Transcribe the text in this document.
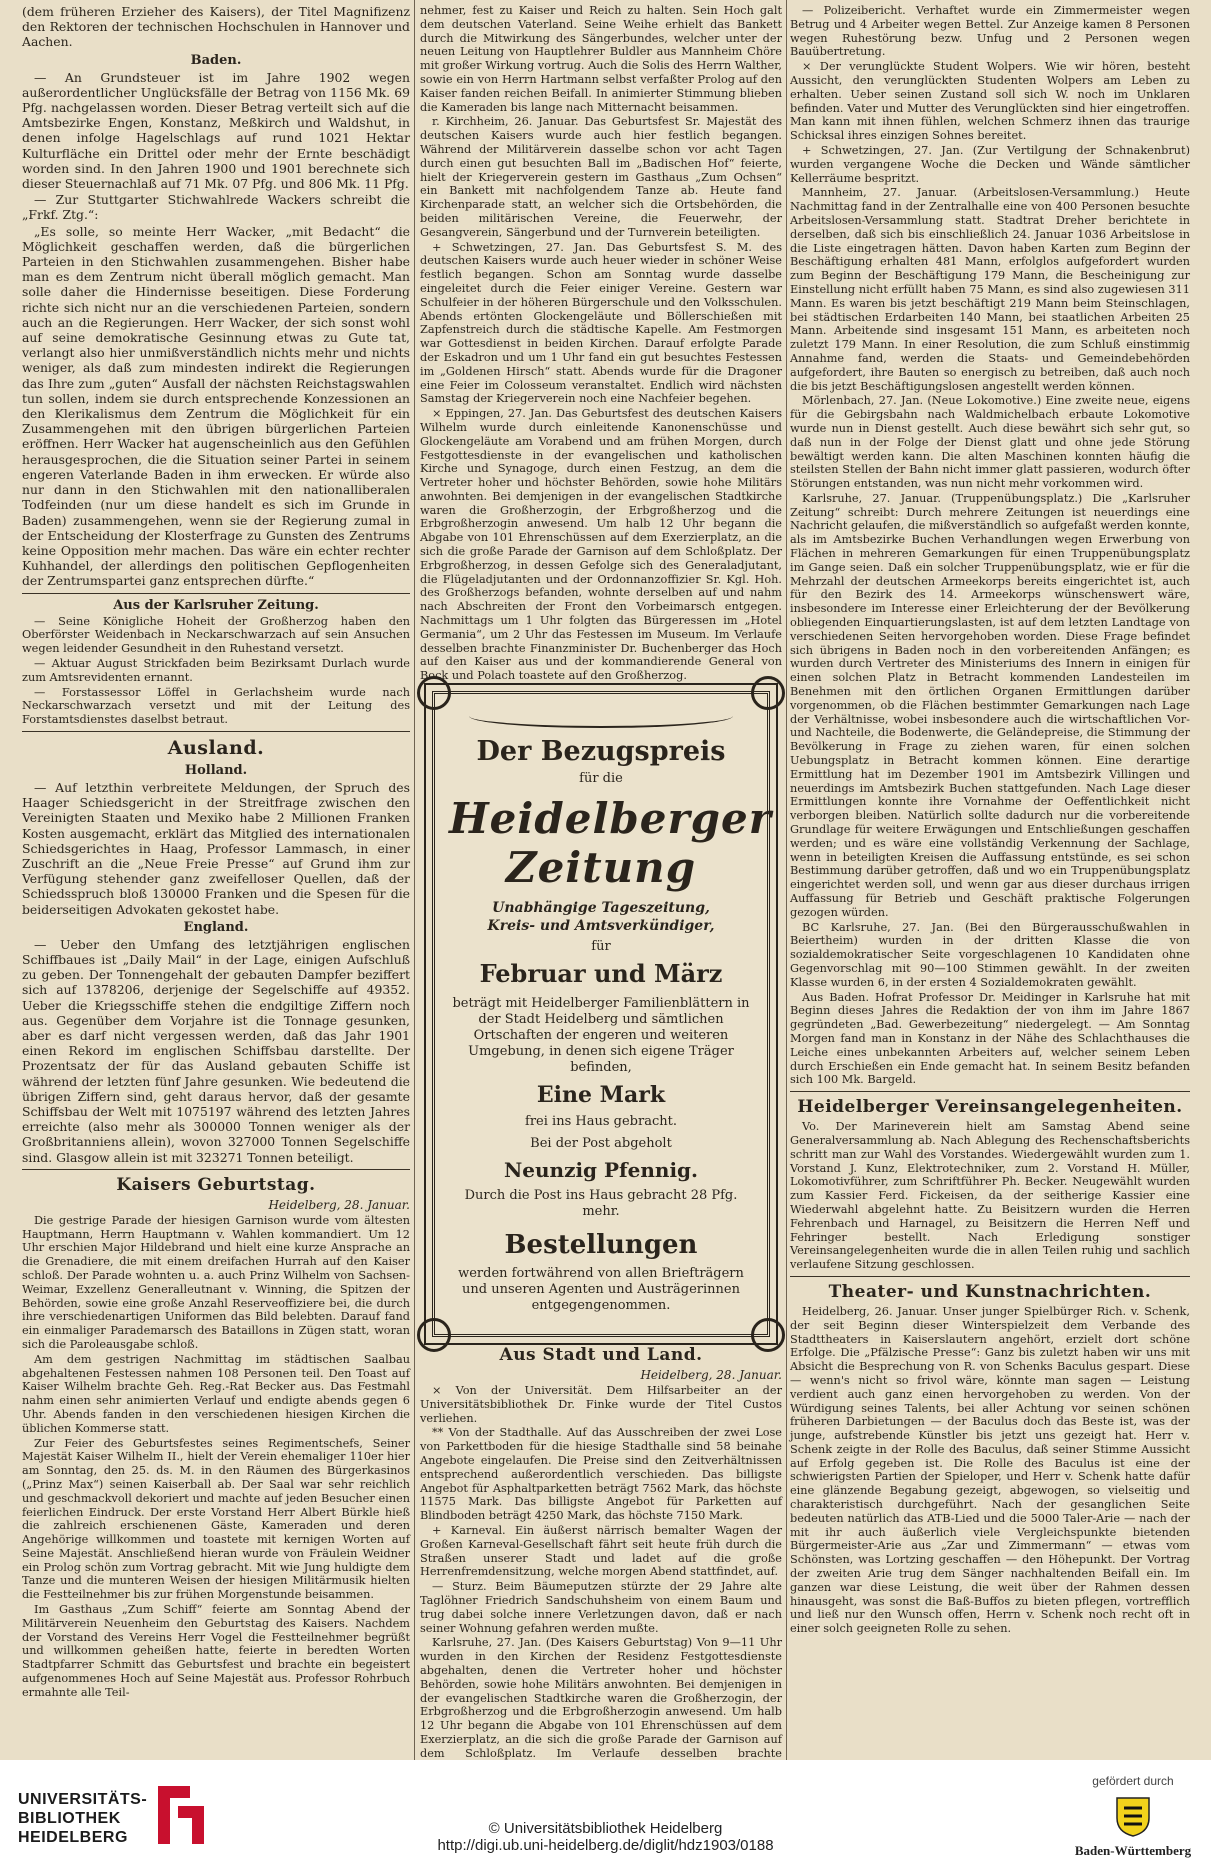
(dem früheren Erzieher des Kaisers), der Titel Magnifizenz den Rektoren der technischen Hochschulen in Hannover und Aachen.

Baden.

— An Grundsteuer ist im Jahre 1902 wegen außerordentlicher Unglücksfälle der Betrag von 1156 Mk. 69 Pfg. nachgelassen worden. Dieser Betrag verteilt sich auf die Amtsbezirke Engen, Konstanz, Meßkirch und Waldshut, in denen infolge Hagelschlags auf rund 1021 Hektar Kulturfläche ein Drittel oder mehr der Ernte beschädigt worden sind. In den Jahren 1900 und 1901 berechnete sich dieser Steuernachlaß auf 71 Mk. 07 Pfg. und 806 Mk. 11 Pfg.

— Zur Stuttgarter Stichwahlrede Wackers schreibt die „Frkf. Ztg.“:

„Es solle, so meinte Herr Wacker, „mit Bedacht“ die Möglichkeit geschaffen werden, daß die bürgerlichen Parteien in den Stichwahlen zusammengehen. Bisher habe man es dem Zentrum nicht überall möglich gemacht. Man solle daher die Hindernisse beseitigen. Diese Forderung richte sich nicht nur an die verschiedenen Parteien, sondern auch an die Regierungen. Herr Wacker, der sich sonst wohl auf seine demokratische Gesinnung etwas zu Gute tat, verlangt also hier unmißverständlich nichts mehr und nichts weniger, als daß zum mindesten indirekt die Regierungen das Ihre zum „guten“ Ausfall der nächsten Reichstagswahlen tun sollen, indem sie durch entsprechende Konzessionen an den Klerikalismus dem Zentrum die Möglichkeit für ein Zusammengehen mit den übrigen bürgerlichen Parteien eröffnen. Herr Wacker hat augenscheinlich aus den Gefühlen herausgesprochen, die die Situation seiner Partei in seinem engeren Vaterlande Baden in ihm erwecken. Er würde also nur dann in den Stichwahlen mit den nationalliberalen Todfeinden (nur um diese handelt es sich im Grunde in Baden) zusammengehen, wenn sie der Regierung zumal in der Entscheidung der Klosterfrage zu Gunsten des Zentrums keine Opposition mehr machen. Das wäre ein echter rechter Kuhhandel, der allerdings den politischen Gepflogenheiten der Zentrumspartei ganz entsprechen dürfte.“

Aus der Karlsruher Zeitung.

— Seine Königliche Hoheit der Großherzog haben den Oberförster Weidenbach in Neckarschwarzach auf sein Ansuchen wegen leidender Gesundheit in den Ruhestand versetzt.

— Aktuar August Strickfaden beim Bezirksamt Durlach wurde zum Amtsrevidenten ernannt.

— Forstassessor Löffel in Gerlachsheim wurde nach Neckarschwarzach versetzt und mit der Leitung des Forstamtsdienstes daselbst betraut.

Ausland.
Holland.

— Auf letzthin verbreitete Meldungen, der Spruch des Haager Schiedsgericht in der Streitfrage zwischen den Vereinigten Staaten und Mexiko habe 2 Millionen Franken Kosten ausgemacht, erklärt das Mitglied des internationalen Schiedsgerichtes in Haag, Professor Lammasch, in einer Zuschrift an die „Neue Freie Presse“ auf Grund ihm zur Verfügung stehender ganz zweifelloser Quellen, daß der Schiedsspruch bloß 130000 Franken und die Spesen für die beiderseitigen Advokaten gekostet habe.

England.

— Ueber den Umfang des letztjährigen englischen Schiffbaues ist „Daily Mail“ in der Lage, einigen Aufschluß zu geben. Der Tonnengehalt der gebauten Dampfer beziffert sich auf 1378206, derjenige der Segelschiffe auf 49352. Ueber die Kriegsschiffe stehen die endgiltige Ziffern noch aus. Gegenüber dem Vorjahre ist die Tonnage gesunken, aber es darf nicht vergessen werden, daß das Jahr 1901 einen Rekord im englischen Schiffsbau darstellte. Der Prozentsatz der für das Ausland gebauten Schiffe ist während der letzten fünf Jahre gesunken. Wie bedeutend die übrigen Ziffern sind, geht daraus hervor, daß der gesamte Schiffsbau der Welt mit 1075197 während des letzten Jahres erreichte (also mehr als 300000 Tonnen weniger als der Großbritanniens allein), wovon 327000 Tonnen Segelschiffe sind. Glasgow allein ist mit 323271 Tonnen beteiligt.

Kaisers Geburtstag.
Heidelberg, 28. Januar.

Die gestrige Parade der hiesigen Garnison wurde vom ältesten Hauptmann, Herrn Hauptmann v. Wahlen kommandiert. Um 12 Uhr erschien Major Hildebrand und hielt eine kurze Ansprache an die Grenadiere, die mit einem dreifachen Hurrah auf den Kaiser schloß. Der Parade wohnten u. a. auch Prinz Wilhelm von Sachsen-Weimar, Exzellenz Generalleutnant v. Winning, die Spitzen der Behörden, sowie eine große Anzahl Reserveoffiziere bei, die durch ihre verschiedenartigen Uniformen das Bild belebten. Darauf fand ein einmaliger Parademarsch des Bataillons in Zügen statt, woran sich die Paroleausgabe schloß.

Am dem gestrigen Nachmittag im städtischen Saalbau abgehaltenen Festessen nahmen 108 Personen teil. Den Toast auf Kaiser Wilhelm brachte Geh. Reg.-Rat Becker aus. Das Festmahl nahm einen sehr animierten Verlauf und endigte abends gegen 6 Uhr. Abends fanden in den verschiedenen hiesigen Kirchen die üblichen Kommerse statt.

Zur Feier des Geburtsfestes seines Regimentschefs, Seiner Majestät Kaiser Wilhelm II., hielt der Verein ehemaliger 110er hier am Sonntag, den 25. ds. M. in den Räumen des Bürgerkasinos („Prinz Max“) seinen Kaiserball ab. Der Saal war sehr reichlich und geschmackvoll dekoriert und machte auf jeden Besucher einen feierlichen Eindruck. Der erste Vorstand Herr Albert Bürkle hieß die zahlreich erschienenen Gäste, Kameraden und deren Angehörige willkommen und toastete mit kernigen Worten auf Seine Majestät. Anschließend hieran wurde von Fräulein Weidner ein Prolog schön zum Vortrag gebracht. Mit wie Jung huldigte dem Tanze und die munteren Weisen der hiesigen Militärmusik hielten die Festteilnehmer bis zur frühen Morgenstunde beisammen.

Im Gasthaus „Zum Schiff“ feierte am Sonntag Abend der Militärverein Neuenheim den Geburtstag des Kaisers. Nachdem der Vorstand des Vereins Herr Vogel die Festteilnehmer begrüßt und willkommen geheißen hatte, feierte in beredten Worten Stadtpfarrer Schmitt das Geburtsfest und brachte ein begeistert aufgenommenes Hoch auf Seine Majestät aus. Professor Rohrbuch ermahnte alle Teil-

nehmer, fest zu Kaiser und Reich zu halten. Sein Hoch galt dem deutschen Vaterland. Seine Weihe erhielt das Bankett durch die Mitwirkung des Sängerbundes, welcher unter der neuen Leitung von Hauptlehrer Buldler aus Mannheim Chöre mit großer Wirkung vortrug. Auch die Solis des Herrn Walther, sowie ein von Herrn Hartmann selbst verfaßter Prolog auf den Kaiser fanden reichen Beifall. In animierter Stimmung blieben die Kameraden bis lange nach Mitternacht beisammen.

r. Kirchheim, 26. Januar. Das Geburtsfest Sr. Majestät des deutschen Kaisers wurde auch hier festlich begangen. Während der Militärverein dasselbe schon vor acht Tagen durch einen gut besuchten Ball im „Badischen Hof“ feierte, hielt der Kriegerverein gestern im Gasthaus „Zum Ochsen“ ein Bankett mit nachfolgendem Tanze ab. Heute fand Kirchenparade statt, an welcher sich die Ortsbehörden, die beiden militärischen Vereine, die Feuerwehr, der Gesangverein, Sängerbund und der Turnverein beteiligten.

+ Schwetzingen, 27. Jan. Das Geburtsfest S. M. des deutschen Kaisers wurde auch heuer wieder in schöner Weise festlich begangen. Schon am Sonntag wurde dasselbe eingeleitet durch die Feier einiger Vereine. Gestern war Schulfeier in der höheren Bürgerschule und den Volksschulen. Abends ertönten Glockengeläute und Böllerschießen mit Zapfenstreich durch die städtische Kapelle. Am Festmorgen war Gottesdienst in beiden Kirchen. Darauf erfolgte Parade der Eskadron und um 1 Uhr fand ein gut besuchtes Festessen im „Goldenen Hirsch“ statt. Abends wurde für die Dragoner eine Feier im Colosseum veranstaltet. Endlich wird nächsten Samstag der Kriegerverein noch eine Nachfeier begehen.

× Eppingen, 27. Jan. Das Geburtsfest des deutschen Kaisers Wilhelm wurde durch einleitende Kanonenschüsse und Glockengeläute am Vorabend und am frühen Morgen, durch Festgottesdienste in der evangelischen und katholischen Kirche und Synagoge, durch einen Festzug, an dem die Vertreter hoher und höchster Behörden, sowie hohe Militärs anwohnten. Bei demjenigen in der evangelischen Stadtkirche waren die Großherzogin, der Erbgroßherzog und die Erbgroßherzogin anwesend. Um halb 12 Uhr begann die Abgabe von 101 Ehrenschüssen auf dem Exerzierplatz, an die sich die große Parade der Garnison auf dem Schloßplatz. Der Erbgroßherzog, in dessen Gefolge sich des Generaladjutant, die Flügeladjutanten und der Ordonnanzoffizier Sr. Kgl. Hoh. des Großherzogs befanden, wohnte derselben auf und nahm nach Abschreiten der Front den Vorbeimarsch entgegen. Nachmittags um 1 Uhr folgten das Bürgeressen im „Hotel Germania“, um 2 Uhr das Festessen im Museum. Im Verlaufe desselben brachte Finanzminister Dr. Buchenberger das Hoch auf den Kaiser aus und der kommandierende General von Bock und Polach toastete auf den Großherzog.

Der Bezugspreis
für die
Heidelberger
Zeitung
Unabhängige Tageszeitung,
Kreis- und Amtsverkündiger,
für
Februar und März
beträgt mit Heidelberger Familienblättern in der Stadt Heidelberg und sämtlichen Ortschaften der engeren und weiteren Umgebung, in denen sich eigene Träger befinden,
Eine Mark
frei ins Haus gebracht.
Bei der Post abgeholt
Neunzig Pfennig.
Durch die Post ins Haus gebracht 28 Pfg. mehr.
Bestellungen
werden fortwährend von allen Briefträgern und unseren Agenten und Austrägerinnen entgegengenommen.
Aus Stadt und Land.
Heidelberg, 28. Januar.

× Von der Universität. Dem Hilfsarbeiter an der Universitätsbibliothek Dr. Finke wurde der Titel Custos verliehen.

** Von der Stadthalle. Auf das Ausschreiben der zwei Lose von Parkettboden für die hiesige Stadthalle sind 58 beinahe Angebote eingelaufen. Die Preise sind den Zeitverhältnissen entsprechend außerordentlich verschieden. Das billigste Angebot für Asphaltparketten beträgt 7562 Mark, das höchste 11575 Mark. Das billigste Angebot für Parketten auf Blindboden beträgt 4250 Mark, das höchste 7150 Mark.

+ Karneval. Ein äußerst närrisch bemalter Wagen der Großen Karneval-Gesellschaft fährt seit heute früh durch die Straßen unserer Stadt und ladet auf die große Herrenfremdensitzung, welche morgen Abend stattfindet, auf.

— Sturz. Beim Bäumeputzen stürzte der 29 Jahre alte Taglöhner Friedrich Sandschuhsheim von einem Baum und trug dabei solche innere Verletzungen davon, daß er nach seiner Wohnung gefahren werden mußte.

Karlsruhe, 27. Jan. (Des Kaisers Geburtstag) Von 9—11 Uhr wurden in den Kirchen der Residenz Festgottesdienste abgehalten, denen die Vertreter hoher und höchster Behörden, sowie hohe Militärs anwohnten. Bei demjenigen in der evangelischen Stadtkirche waren die Großherzogin, der Erbgroßherzog und die Erbgroßherzogin anwesend. Um halb 12 Uhr begann die Abgabe von 101 Ehrenschüssen auf dem Exerzierplatz, an die sich die große Parade der Garnison auf dem Schloßplatz. Im Verlaufe desselben brachte

— Polizeibericht. Verhaftet wurde ein Zimmermeister wegen Betrug und 4 Arbeiter wegen Bettel. Zur Anzeige kamen 8 Personen wegen Ruhestörung bezw. Unfug und 2 Personen wegen Bauübertretung.

× Der verunglückte Student Wolpers. Wie wir hören, besteht Aussicht, den verunglückten Studenten Wolpers am Leben zu erhalten. Ueber seinen Zustand soll sich W. noch im Unklaren befinden. Vater und Mutter des Verunglückten sind hier eingetroffen. Man kann mit ihnen fühlen, welchen Schmerz ihnen das traurige Schicksal ihres einzigen Sohnes bereitet.

+ Schwetzingen, 27. Jan. (Zur Vertilgung der Schnakenbrut) wurden vergangene Woche die Decken und Wände sämtlicher Kellerräume bespritzt.

Mannheim, 27. Januar. (Arbeitslosen-Versammlung.) Heute Nachmittag fand in der Zentralhalle eine von 400 Personen besuchte Arbeitslosen-Versammlung statt. Stadtrat Dreher berichtete in derselben, daß sich bis einschließlich 24. Januar 1036 Arbeitslose in die Liste eingetragen hätten. Davon haben Karten zum Beginn der Beschäftigung erhalten 481 Mann, erfolglos aufgefordert wurden zum Beginn der Beschäftigung 179 Mann, die Bescheinigung zur Einstellung nicht erfüllt haben 75 Mann, es sind also zugewiesen 311 Mann. Es waren bis jetzt beschäftigt 219 Mann beim Steinschlagen, bei städtischen Erdarbeiten 140 Mann, bei staatlichen Arbeiten 25 Mann. Arbeitende sind insgesamt 151 Mann, es arbeiteten noch zuletzt 179 Mann. In einer Resolution, die zum Schluß einstimmig Annahme fand, werden die Staats- und Gemeindebehörden aufgefordert, ihre Bauten so energisch zu betreiben, daß auch noch die bis jetzt Beschäftigungslosen angestellt werden können.

Mörlenbach, 27. Jan. (Neue Lokomotive.) Eine zweite neue, eigens für die Gebirgsbahn nach Waldmichelbach erbaute Lokomotive wurde nun in Dienst gestellt. Auch diese bewährt sich sehr gut, so daß nun in der Folge der Dienst glatt und ohne jede Störung bewältigt werden kann. Die alten Maschinen konnten häufig die steilsten Stellen der Bahn nicht immer glatt passieren, wodurch öfter Störungen entstanden, was nun nicht mehr vorkommen wird.

Karlsruhe, 27. Januar. (Truppenübungsplatz.) Die „Karlsruher Zeitung“ schreibt: Durch mehrere Zeitungen ist neuerdings eine Nachricht gelaufen, die mißverständlich so aufgefaßt werden konnte, als im Amtsbezirke Buchen Verhandlungen wegen Erwerbung von Flächen in mehreren Gemarkungen für einen Truppenübungsplatz im Gange seien. Daß ein solcher Truppenübungsplatz, wie er für die Mehrzahl der deutschen Armeekorps bereits eingerichtet ist, auch für den Bezirk des 14. Armeekorps wünschenswert wäre, insbesondere im Interesse einer Erleichterung der der Bevölkerung obliegenden Einquartierungslasten, ist auf dem letzten Landtage von verschiedenen Seiten hervorgehoben worden. Diese Frage befindet sich übrigens in Baden noch in den vorbereitenden Anfängen; es wurden durch Vertreter des Ministeriums des Innern in einigen für einen solchen Platz in Betracht kommenden Landesteilen im Benehmen mit den örtlichen Organen Ermittlungen darüber vorgenommen, ob die Flächen bestimmter Gemarkungen nach Lage der Verhältnisse, wobei insbesondere auch die wirtschaftlichen Vor- und Nachteile, die Bodenwerte, die Geländepreise, die Stimmung der Bevölkerung in Frage zu ziehen waren, für einen solchen Uebungsplatz in Betracht kommen können. Eine derartige Ermittlung hat im Dezember 1901 im Amtsbezirk Villingen und neuerdings im Amtsbezirk Buchen stattgefunden. Nach Lage dieser Ermittlungen konnte ihre Vornahme der Oeffentlichkeit nicht verborgen bleiben. Natürlich sollte dadurch nur die vorbereitende Grundlage für weitere Erwägungen und Entschließungen geschaffen werden; und es wäre eine vollständig Verkennung der Sachlage, wenn in beteiligten Kreisen die Auffassung entstünde, es sei schon Bestimmung darüber getroffen, daß und wo ein Truppenübungsplatz eingerichtet werden soll, und wenn gar aus dieser durchaus irrigen Auffassung für Betrieb und Geschäft praktische Folgerungen gezogen würden.

BC Karlsruhe, 27. Jan. (Bei den Bürgerausschußwahlen in Beiertheim) wurden in der dritten Klasse die von sozialdemokratischer Seite vorgeschlagenen 10 Kandidaten ohne Gegenvorschlag mit 90—100 Stimmen gewählt. In der zweiten Klasse wurden 6, in der ersten 4 Sozialdemokraten gewählt.

Aus Baden. Hofrat Professor Dr. Meidinger in Karlsruhe hat mit Beginn dieses Jahres die Redaktion der von ihm im Jahre 1867 gegründeten „Bad. Gewerbezeitung“ niedergelegt. — Am Sonntag Morgen fand man in Konstanz in der Nähe des Schlachthauses die Leiche eines unbekannten Arbeiters auf, welcher seinem Leben durch Erschießen ein Ende gemacht hat. In seinem Besitz befanden sich 100 Mk. Bargeld.

Heidelberger Vereinsangelegenheiten.

Vo. Der Marineverein hielt am Samstag Abend seine Generalversammlung ab. Nach Ablegung des Rechenschaftsberichts schritt man zur Wahl des Vorstandes. Wiedergewählt wurden zum 1. Vorstand J. Kunz, Elektrotechniker, zum 2. Vorstand H. Müller, Lokomotivführer, zum Schriftführer Ph. Becker. Neugewählt wurden zum Kassier Ferd. Fickeisen, da der seitherige Kassier eine Wiederwahl abgelehnt hatte. Zu Beisitzern wurden die Herren Fehrenbach und Harnagel, zu Beisitzern die Herren Neff und Fehringer bestellt. Nach Erledigung sonstiger Vereinsangelegenheiten wurde die in allen Teilen ruhig und sachlich verlaufene Sitzung geschlossen.

Theater- und Kunstnachrichten.

Heidelberg, 26. Januar. Unser junger Spielbürger Rich. v. Schenk, der seit Beginn dieser Winterspielzeit dem Verbande des Stadttheaters in Kaiserslautern angehört, erzielt dort schöne Erfolge. Die „Pfälzische Presse“: Ganz bis zuletzt haben wir uns mit Absicht die Besprechung von R. von Schenks Baculus gespart. Diese — wenn's nicht so frivol wäre, könnte man sagen — Leistung verdient auch ganz einen hervorgehoben zu werden. Von der Würdigung seines Talents, bei aller Achtung vor seinen schönen früheren Darbietungen — der Baculus doch das Beste ist, was der junge, aufstrebende Künstler bis jetzt uns gezeigt hat. Herr v. Schenk zeigte in der Rolle des Baculus, daß seiner Stimme Aussicht auf Erfolg gegeben ist. Die Rolle des Baculus ist eine der schwierigsten Partien der Spieloper, und Herr v. Schenk hatte dafür eine glänzende Begabung gezeigt, abgewogen, so vielseitig und charakteristisch durchgeführt. Nach der gesanglichen Seite bedeuten natürlich das ATB-Lied und die 5000 Taler-Arie — nach der mit ihr auch äußerlich viele Vergleichspunkte bietenden Bürgermeister-Arie aus „Zar und Zimmermann“ — etwas vom Schönsten, was Lortzing geschaffen — den Höhepunkt. Der Vortrag der zweiten Arie trug dem Sänger nachhaltenden Beifall ein. Im ganzen war diese Leistung, die weit über der Rahmen dessen hinausgeht, was sonst die Baß-Buffos zu bieten pflegen, vortrefflich und ließ nur den Wunsch offen, Herrn v. Schenk noch recht oft in einer solch geeigneten Rolle zu sehen.

UNIVERSITÄTS-
BIBLIOTHEK
HEIDELBERG
© Universitätsbibliothek Heidelberg
http://digi.ub.uni-heidelberg.de/diglit/hdz1903/0188
gefördert durch
Baden-Württemberg
